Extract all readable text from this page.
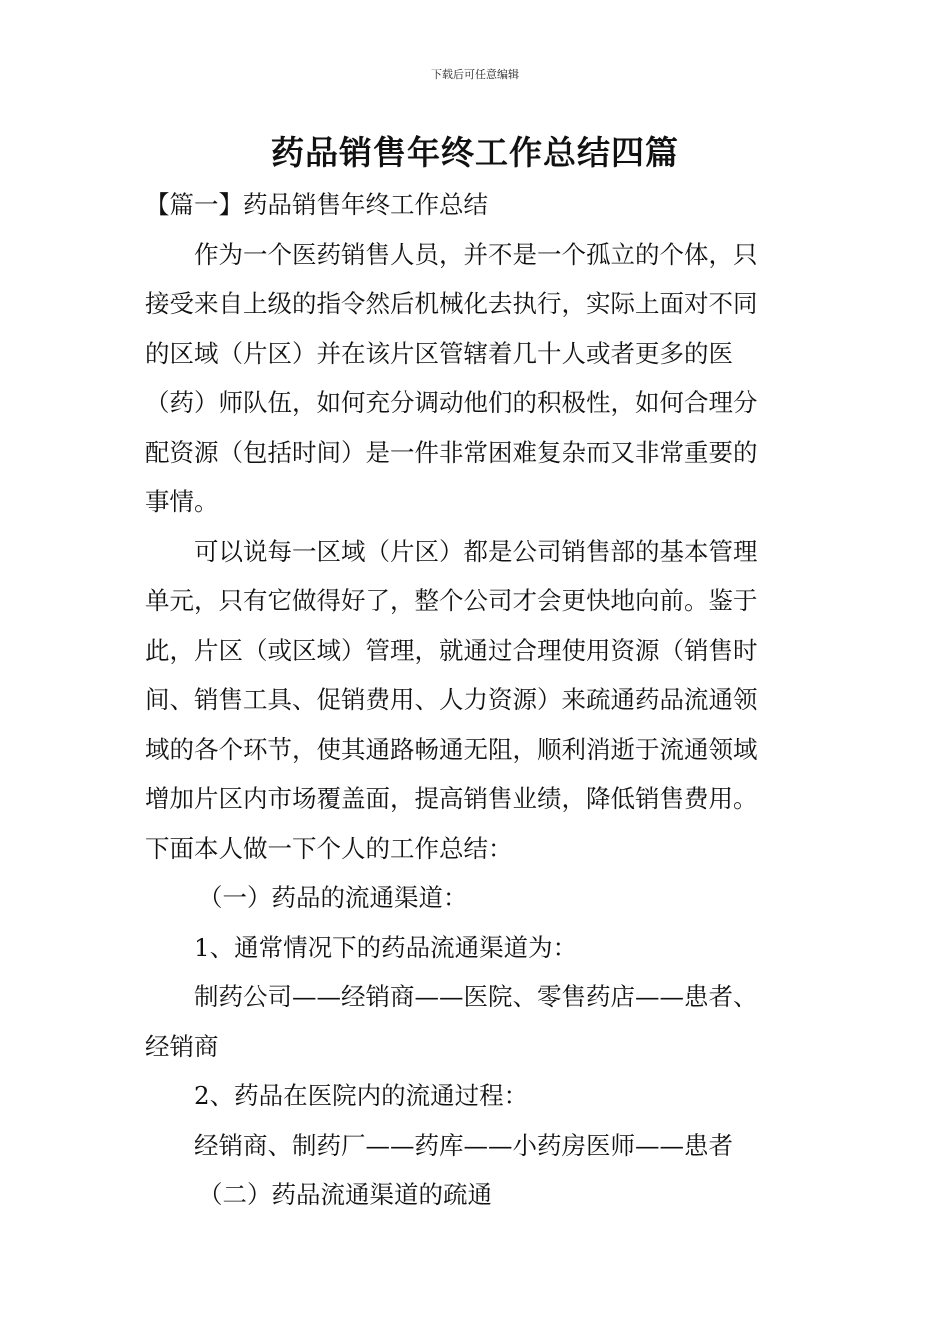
下载后可任意编辑
药品销售年终工作总结四篇
【篇一】药品销售年终工作总结
作为一个医药销售人员，并不是一个孤立的个体，只
接受来自上级的指令然后机械化去执行，实际上面对不同
的区域（片区）并在该片区管辖着几十人或者更多的医
（药）师队伍，如何充分调动他们的积极性，如何合理分
配资源（包括时间）是一件非常困难复杂而又非常重要的
事情。
可以说每一区域（片区）都是公司销售部的基本管理
单元，只有它做得好了，整个公司才会更快地向前。鉴于
此，片区（或区域）管理，就通过合理使用资源（销售时
间、销售工具、促销费用、人力资源）来疏通药品流通领
域的各个环节，使其通路畅通无阻，顺利消逝于流通领域
增加片区内市场覆盖面，提高销售业绩，降低销售费用。
下面本人做一下个人的工作总结：
（一）药品的流通渠道：
1、通常情况下的药品流通渠道为：
制药公司——经销商——医院、零售药店——患者、
经销商
2、药品在医院内的流通过程：
经销商、制药厂——药库——小药房医师——患者
（二）药品流通渠道的疏通
